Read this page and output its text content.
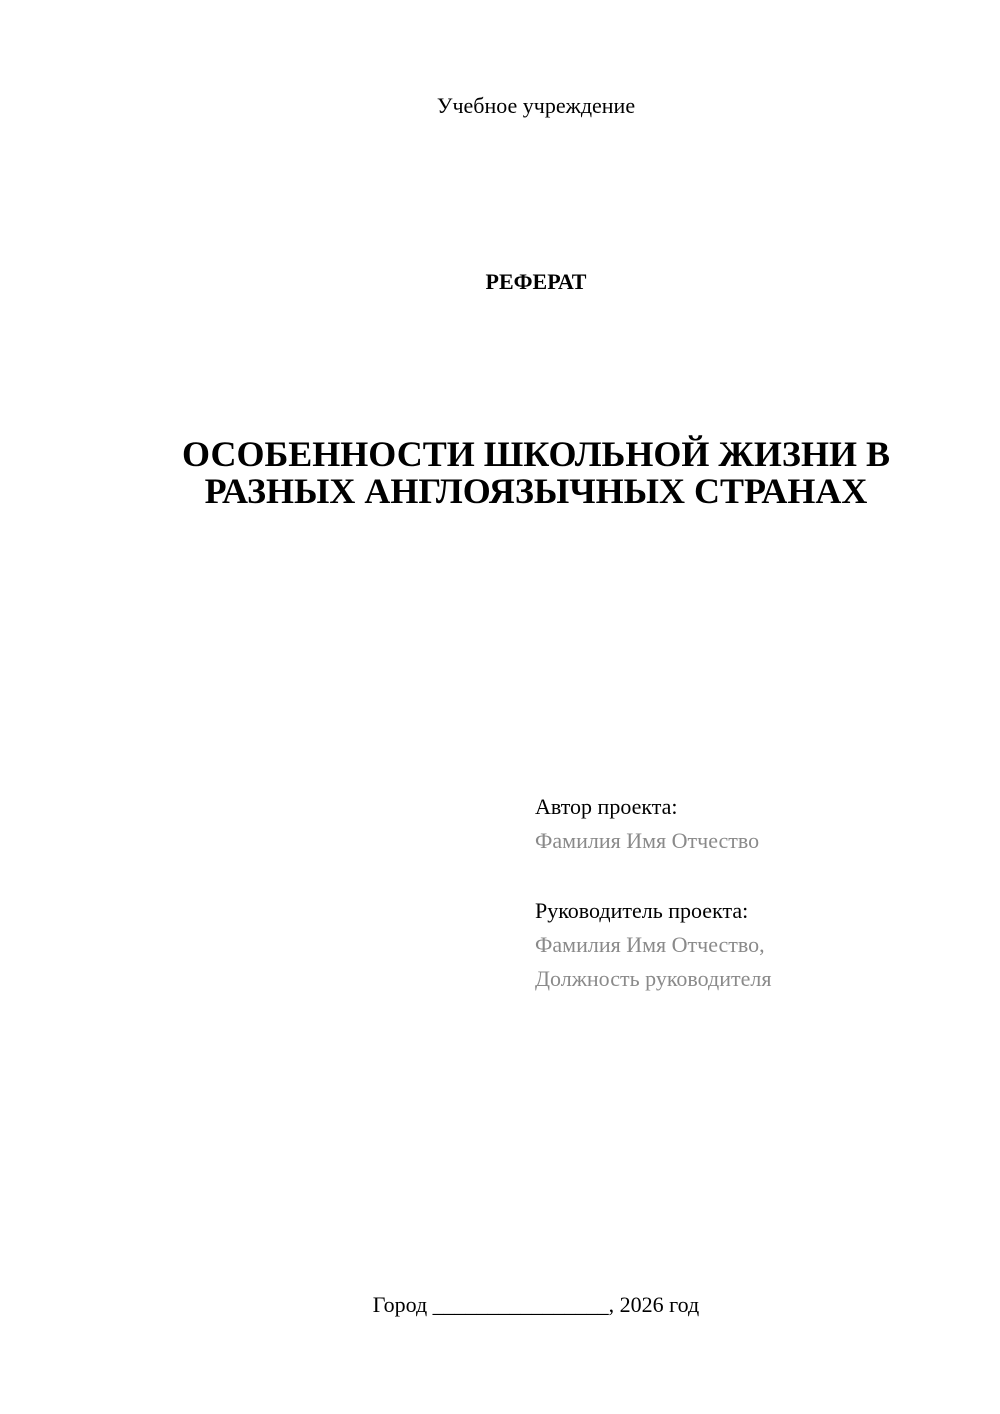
Учебное учреждение
РЕФЕРАТ
ОСОБЕННОСТИ ШКОЛЬНОЙ ЖИЗНИ В
РАЗНЫХ АНГЛОЯЗЫЧНЫХ СТРАНАХ
Автор проекта:
Фамилия Имя Отчество
Руководитель проекта:
Фамилия Имя Отчество,
Должность руководителя
Город ________________, 2026 год
